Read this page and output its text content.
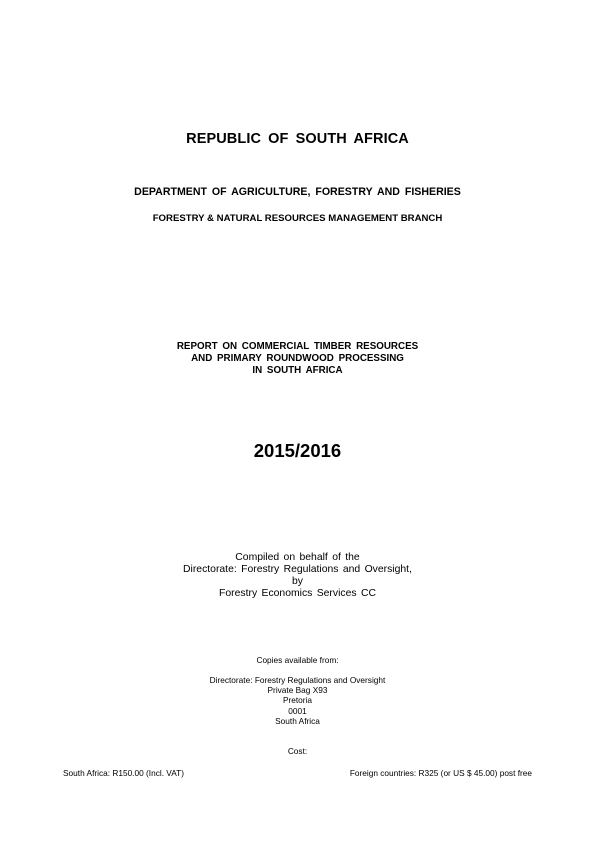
REPUBLIC OF SOUTH AFRICA
DEPARTMENT OF AGRICULTURE, FORESTRY AND FISHERIES
FORESTRY & NATURAL RESOURCES MANAGEMENT BRANCH
REPORT ON COMMERCIAL TIMBER RESOURCES
AND PRIMARY ROUNDWOOD PROCESSING
IN SOUTH AFRICA
2015/2016
Compiled on behalf of the
Directorate: Forestry Regulations and Oversight,
by
Forestry Economics Services CC
Copies available from:
Directorate: Forestry Regulations and Oversight
Private Bag X93
Pretoria
0001
South Africa
Cost:
South Africa: R150.00 (Incl. VAT)	Foreign countries: R325 (or US $ 45.00) post free
